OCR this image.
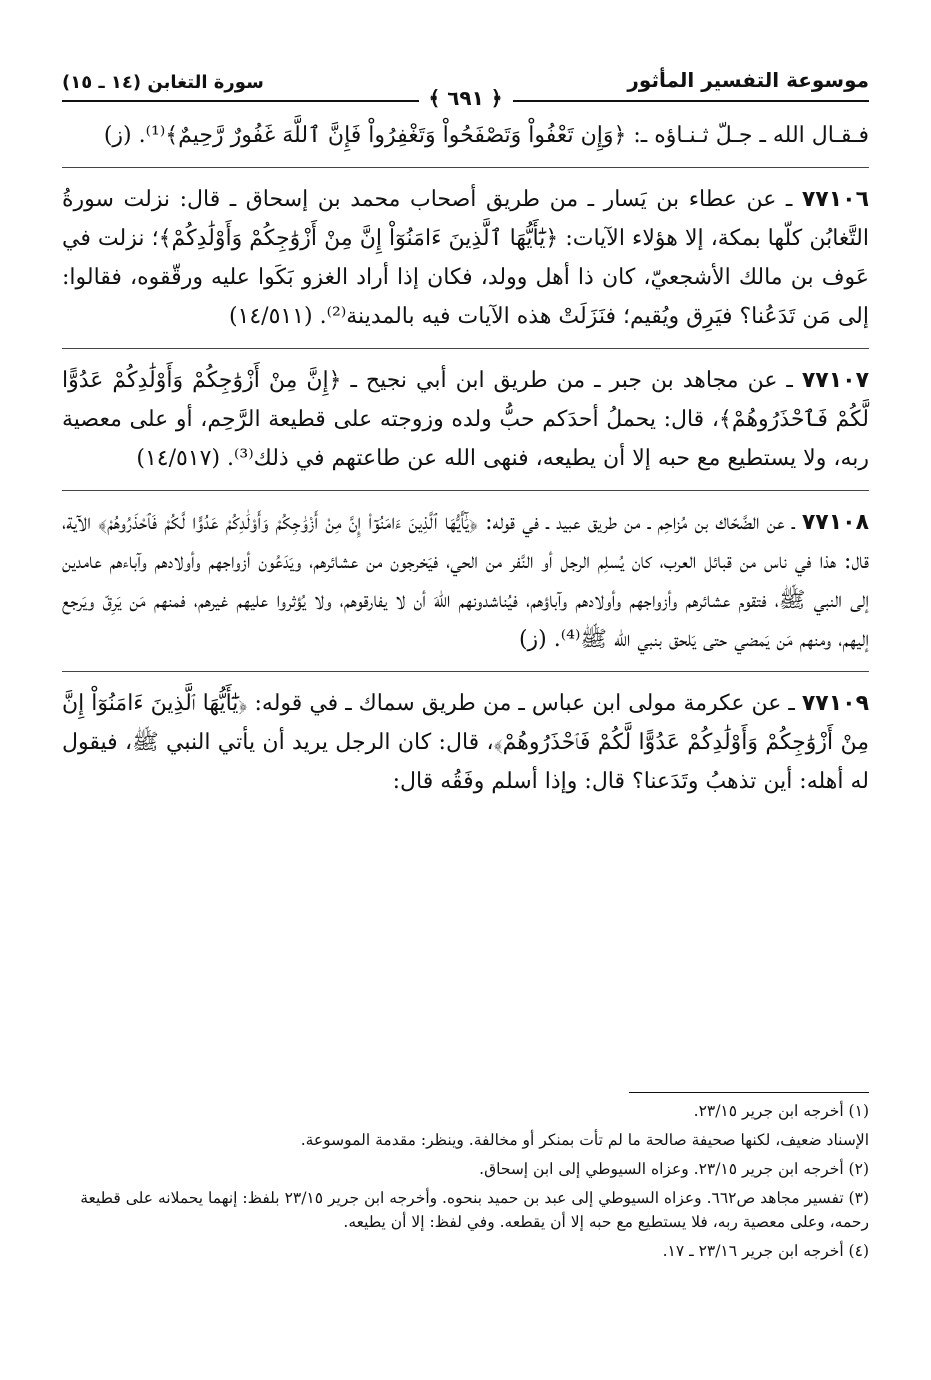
موسوعة التفسير المأثور
سورة التغابن (١٤ ـ ١٥)
﴾ ٦٩١ ﴿
فـقـال الله ـ جـلّ ثـنـاؤه ـ: ﴿وَإِن تَعْفُواْ وَتَصْفَحُواْ وَتَغْفِرُواْ فَإِنَّ ٱللَّهَ غَفُورٌ رَّحِيمٌ﴾⁽¹⁾. (ز)
٧٧١٠٦ ـ عن عطاء بن يَسار ـ من طريق أصحاب محمد بن إسحاق ـ قال: نزلت سورةُ التَّغابُن كلّها بمكة، إلا هؤلاء الآيات: ﴿يَٰٓأَيُّهَا ٱلَّذِينَ ءَامَنُوٓاْ إِنَّ مِنْ أَزْوَٰجِكُمْ وَأَوْلَٰدِكُمْ﴾؛ نزلت في عَوف بن مالك الأشجعيّ، كان ذا أهل وولد، فكان إذا أراد الغزو بَكَوا عليه ورقّقوه، فقالوا: إلى مَن تَدَعُنا؟ فيَرِق ويُقيم؛ فنَزَلَتْ هذه الآيات فيه بالمدينة⁽²⁾. (١٤/٥١١)
٧٧١٠٧ ـ عن مجاهد بن جبر ـ من طريق ابن أبي نجيح ـ ﴿إِنَّ مِنْ أَزْوَٰجِكُمْ وَأَوْلَٰدِكُمْ عَدُوًّا لَّكُمْ فَٱحْذَرُوهُمْ﴾، قال: يحملُ أحدَكم حبُّ ولده وزوجته على قطيعة الرَّحِم، أو على معصية ربه، ولا يستطيع مع حبه إلا أن يطيعه، فنهى الله عن طاعتهم في ذلك⁽³⁾. (١٤/٥١٧)
٧٧١٠٨ ـ عن الضَّحّاك بن مُزاحِم ـ من طريق عبيد ـ في قوله: ﴿يَٰٓأَيُّهَا ٱلَّذِينَ ءَامَنُوٓاْ إِنَّ مِنْ أَزْوَٰجِكُمْ وَأَوْلَٰدِكُمْ عَدُوًّا لَّكُمْ فَٱحْذَرُوهُمْ﴾ الآية، قال: هذا في ناس من قبائل العرب، كان يُسلِم الرجل أو النَّفر من الحي، فيَخرجون من عشائرهم، ويَدَعُون أزواجهم وأولادهم وآباءهم عامدين إلى النبي ﷺ، فتقوم عشائرهم وأزواجهم وأولادهم وآباؤهم، فيُناشدونهم اللهَ أن لا يفارقوهم، ولا يُؤثروا عليهم غيرهم، فمنهم مَن يَرِقّ ويَرجع إليهم، ومنهم مَن يَمضي حتى يَلحق بنبي الله ﷺ⁽⁴⁾. (ز)
٧٧١٠٩ ـ عن عكرمة مولى ابن عباس ـ من طريق سماك ـ في قوله: ﴿يَٰٓأَيُّهَا ٱلَّذِينَ ءَامَنُوٓاْ إِنَّ مِنْ أَزْوَٰجِكُمْ وَأَوْلَٰدِكُمْ عَدُوًّا لَّكُمْ فَٱحْذَرُوهُمْ﴾، قال: كان الرجل يريد أن يأتي النبي ﷺ، فيقول له أهله: أين تذهبُ وتَدَعنا؟ قال: وإذا أسلم وفَقُه قال:
(١) أخرجه ابن جرير ٢٣/١٥.
الإسناد ضعيف، لكنها صحيفة صالحة ما لم تأت بمنكر أو مخالفة. وينظر: مقدمة الموسوعة.
(٢) أخرجه ابن جرير ٢٣/١٥. وعزاه السيوطي إلى ابن إسحاق.
(٣) تفسير مجاهد ص٦٦٢. وعزاه السيوطي إلى عبد بن حميد بنحوه. وأخرجه ابن جرير ٢٣/١٥ بلفظ: إنهما يحملانه على قطيعة رحمه، وعلى معصية ربه، فلا يستطيع مع حبه إلا أن يقطعه. وفي لفظ: إلا أن يطيعه.
(٤) أخرجه ابن جرير ٢٣/١٦ ـ ١٧.
